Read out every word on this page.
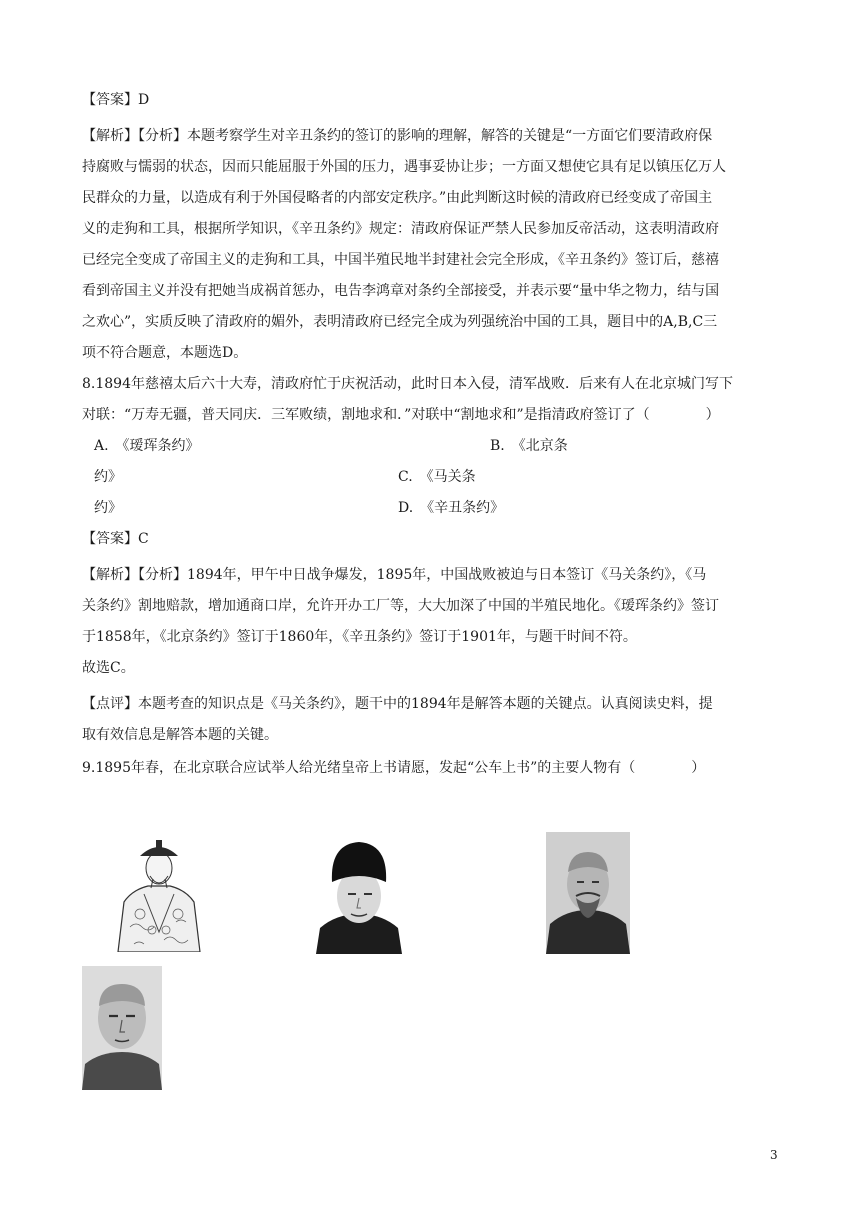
【答案】D
【解析】【分析】本题考察学生对辛丑条约的签订的影响的理解，解答的关键是“一方面它们要清政府保
持腐败与懦弱的状态，因而只能屈服于外国的压力，遇事妥协让步；一方面又想使它具有足以镇压亿万人
民群众的力量，以造成有利于外国侵略者的内部安定秩序。”由此判断这时候的清政府已经变成了帝国主
义的走狗和工具，根据所学知识，《辛丑条约》规定：清政府保证严禁人民参加反帝活动，这表明清政府
已经完全变成了帝国主义的走狗和工具，中国半殖民地半封建社会完全形成，《辛丑条约》签订后，慈禧
看到帝国主义并没有把她当成祸首惩办，电告李鸿章对条约全部接受，并表示要“量中华之物力，结与国
之欢心”，实质反映了清政府的媚外，表明清政府已经完全成为列强统治中国的工具，题目中的A,B,C三
项不符合题意，本题选D。
8.1894年慈禧太后六十大寿，清政府忙于庆祝活动，此时日本入侵，清军战败．后来有人在北京城门写下
对联：“万寿无疆，普天同庆．三军败绩，割地求和．”对联中“割地求和”是指清政府签订了（　　　　）
A.　《瑷珲条约》	B.　《北京条
约》	C.　《马关条
约》	D.　《辛丑条约》
【答案】C
【解析】【分析】1894年，甲午中日战争爆发，1895年，中国战败被迫与日本签订《马关条约》，《马
关条约》割地赔款，增加通商口岸，允许开办工厂等，大大加深了中国的半殖民地化。《瑷珲条约》签订
于1858年，《北京条约》签订于1860年，《辛丑条约》签订于1901年，与题干时间不符。
故选C。
【点评】本题考查的知识点是《马关条约》，题干中的1894年是解答本题的关键点。认真阅读史料，提
取有效信息是解答本题的关键。
9.1895年春，在北京联合应试举人给光绪皇帝上书请愿，发起“公车上书”的主要人物有（　　　　）
3
